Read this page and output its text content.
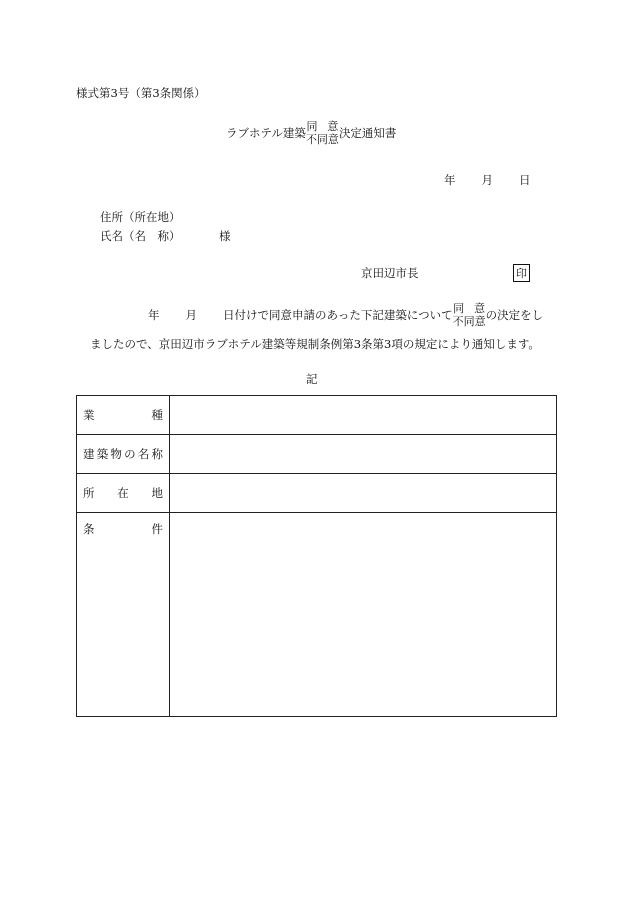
様式第3号（第3条関係）
ラブホテル建築 同意
不同意 決定通知書
年 月 日
住所（所在地）
氏名（名　称）	様
京田辺市長	印
年 月 日付けで同意申請のあった下記建築について 同意
不同意 の決定をし
ましたので、京田辺市ラブホテル建築等規制条例第3条第3項の規定により通知します。
記
業種	
建築物の名称	
所在地	
条件	
